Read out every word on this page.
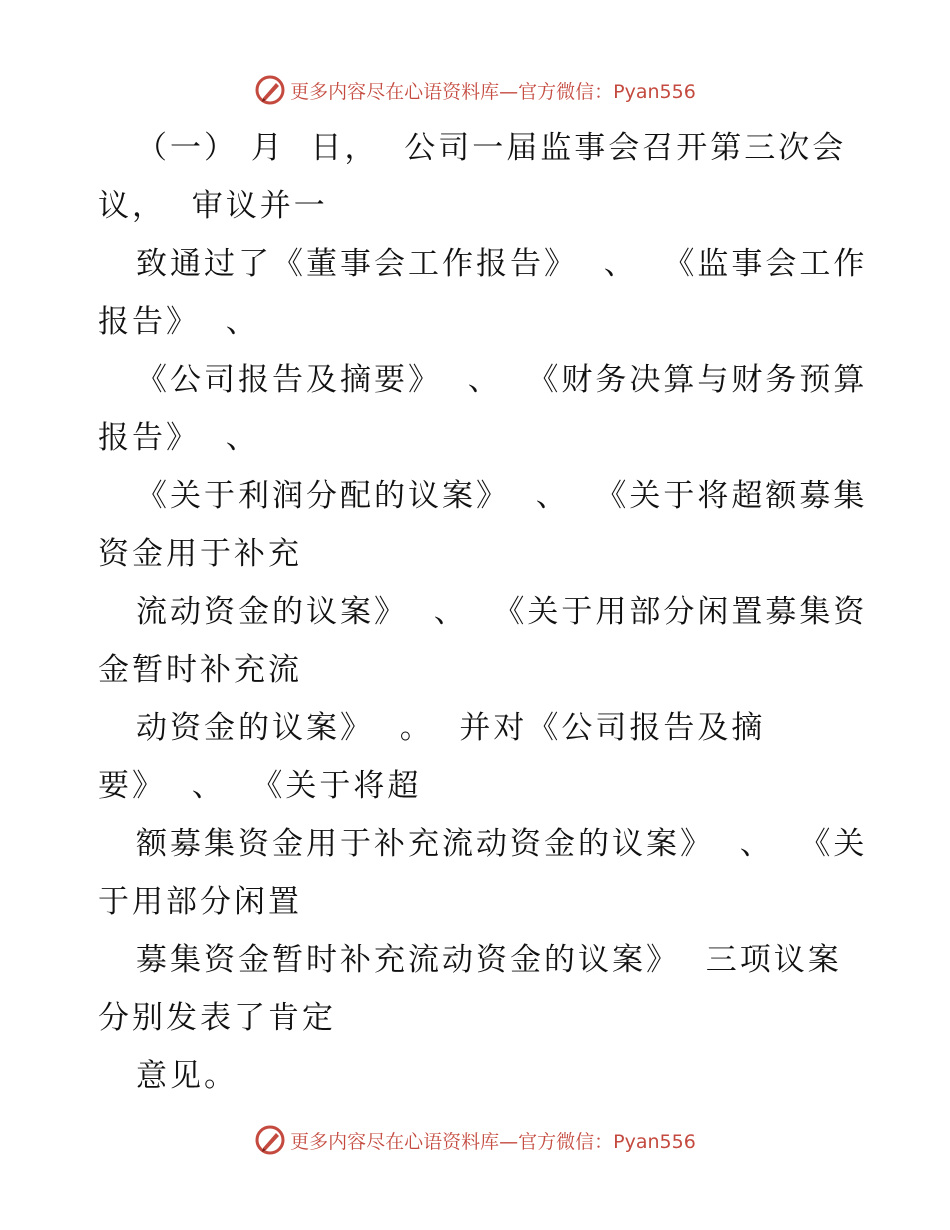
更多内容尽在心语资料库—官方微信：Pyan556
（一） 月  日，  公司一届监事会召开第三次会
议，  审议并一
致通过了《董事会工作报告》  、  《监事会工作
报告》  、
《公司报告及摘要》  、  《财务决算与财务预算
报告》  、
《关于利润分配的议案》  、  《关于将超额募集
资金用于补充
流动资金的议案》  、  《关于用部分闲置募集资
金暂时补充流
动资金的议案》  。  并对《公司报告及摘
要》  、  《关于将超
额募集资金用于补充流动资金的议案》  、  《关
于用部分闲置
募集资金暂时补充流动资金的议案》  三项议案
分别发表了肯定
意见。
更多内容尽在心语资料库—官方微信：Pyan556
